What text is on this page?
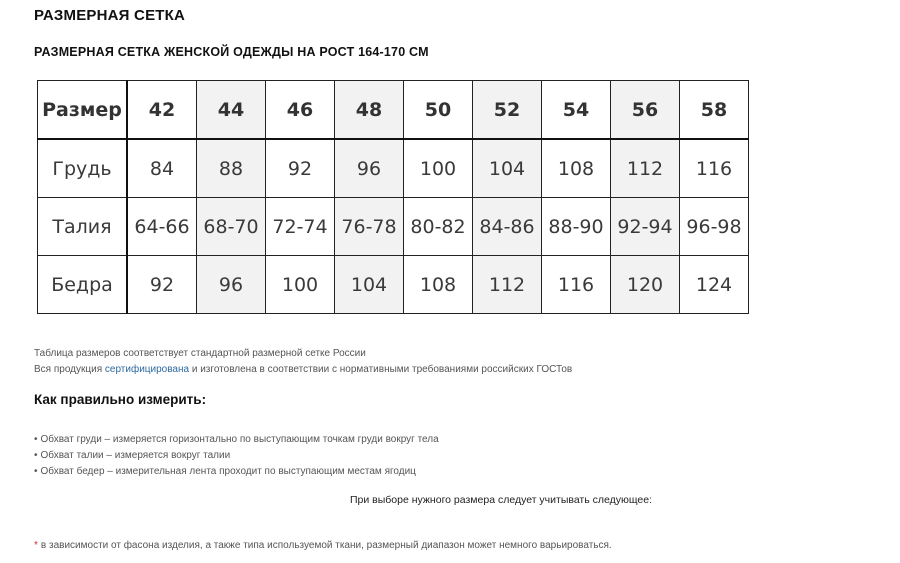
РАЗМЕРНАЯ СЕТКА
РАЗМЕРНАЯ СЕТКА ЖЕНСКОЙ ОДЕЖДЫ НА РОСТ 164-170 СМ
Размер	42	44	46	48	50	52	54	56	58
Грудь	84	88	92	96	100	104	108	112	116
Талия	64-66	68-70	72-74	76-78	80-82	84-86	88-90	92-94	96-98
Бедра	92	96	100	104	108	112	116	120	124
Таблица размеров соответствует стандартной размерной сетке России
Вся продукция сертифицирована и изготовлена в соответствии с нормативными требованиями российских ГОСТов
Как правильно измерить:
• Обхват груди – измеряется горизонтально по выступающим точкам груди вокруг тела
• Обхват талии – измеряется вокруг талии
• Обхват бедер – измерительная лента проходит по выступающим местам ягодиц
При выборе нужного размера следует учитывать следующее:
* в зависимости от фасона изделия, а также типа используемой ткани, размерный диапазон может немного варьироваться.
